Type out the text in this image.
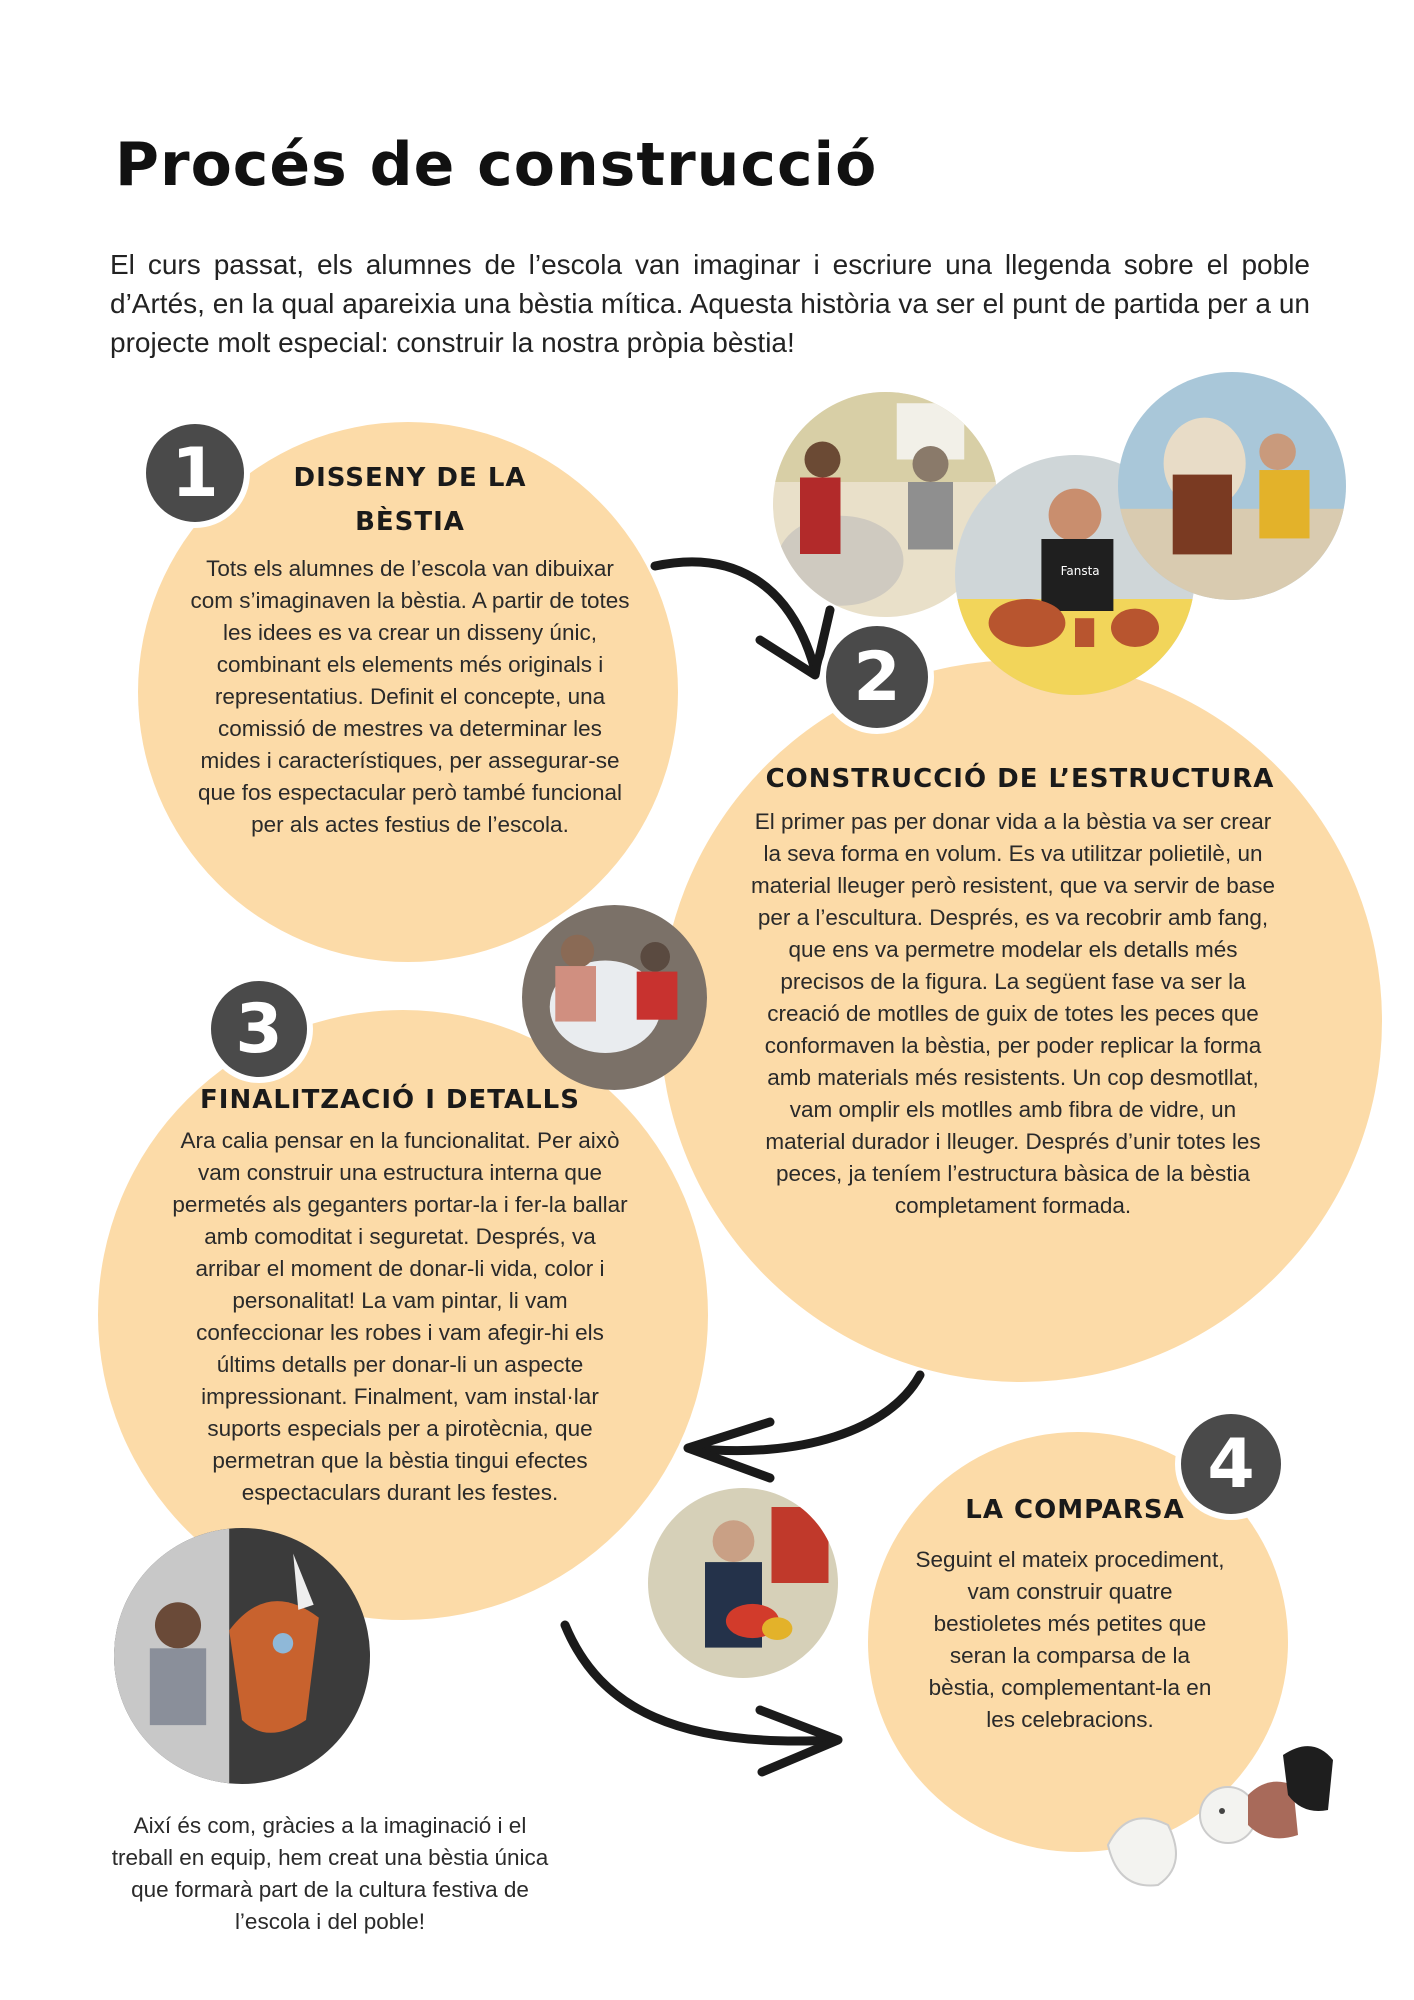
Procés de construcció

El curs passat, els alumnes de l’escola van imaginar i escriure una llegenda sobre el poble d’Artés, en la qual apareixia una bèstia mítica. Aquesta història va ser el punt de partida per a un projecte molt especial: construir la nostra pròpia bèstia!

1
2
3
4
DISSENY DE LA BÈSTIA

Tots els alumnes de l’escola van dibuixar com s’imaginaven la bèstia. A partir de totes les idees es va crear un disseny únic, combinant els elements més originals i representatius. Definit el concepte, una comissió de mestres va determinar les mides i característiques, per assegurar-se que fos espectacular però també funcional per als actes festius de l’escola.

CONSTRUCCIÓ DE L’ESTRUCTURA

El primer pas per donar vida a la bèstia va ser crear la seva forma en volum. Es va utilitzar polietilè, un material lleuger però resistent, que va servir de base per a l’escultura. Després, es va recobrir amb fang, que ens va permetre modelar els detalls més precisos de la figura. La següent fase va ser la creació de motlles de guix de totes les peces que conformaven la bèstia, per poder replicar la forma amb materials més resistents. Un cop desmotllat, vam omplir els motlles amb fibra de vidre, un material durador i lleuger. Després d’unir totes les peces, ja teníem l’estructura bàsica de la bèstia completament formada.

FINALITZACIÓ I DETALLS

Ara calia pensar en la funcionalitat. Per això vam construir una estructura interna que permetés als geganters portar-la i fer-la ballar amb comoditat i seguretat. Després, va arribar el moment de donar-li vida, color i personalitat! La vam pintar, li vam confeccionar les robes i vam afegir-hi els últims detalls per donar-li un aspecte impressionant. Finalment, vam instal·lar suports especials per a pirotècnia, que permetran que la bèstia tingui efectes espectaculars durant les festes.

LA COMPARSA

Seguint el mateix procediment, vam construir quatre bestioletes més petites que seran la comparsa de la bèstia, complementant-la en les celebracions.

Fansta

Així és com, gràcies a la imaginació i el treball en equip, hem creat una bèstia única que formarà part de la cultura festiva de l’escola i del poble!
